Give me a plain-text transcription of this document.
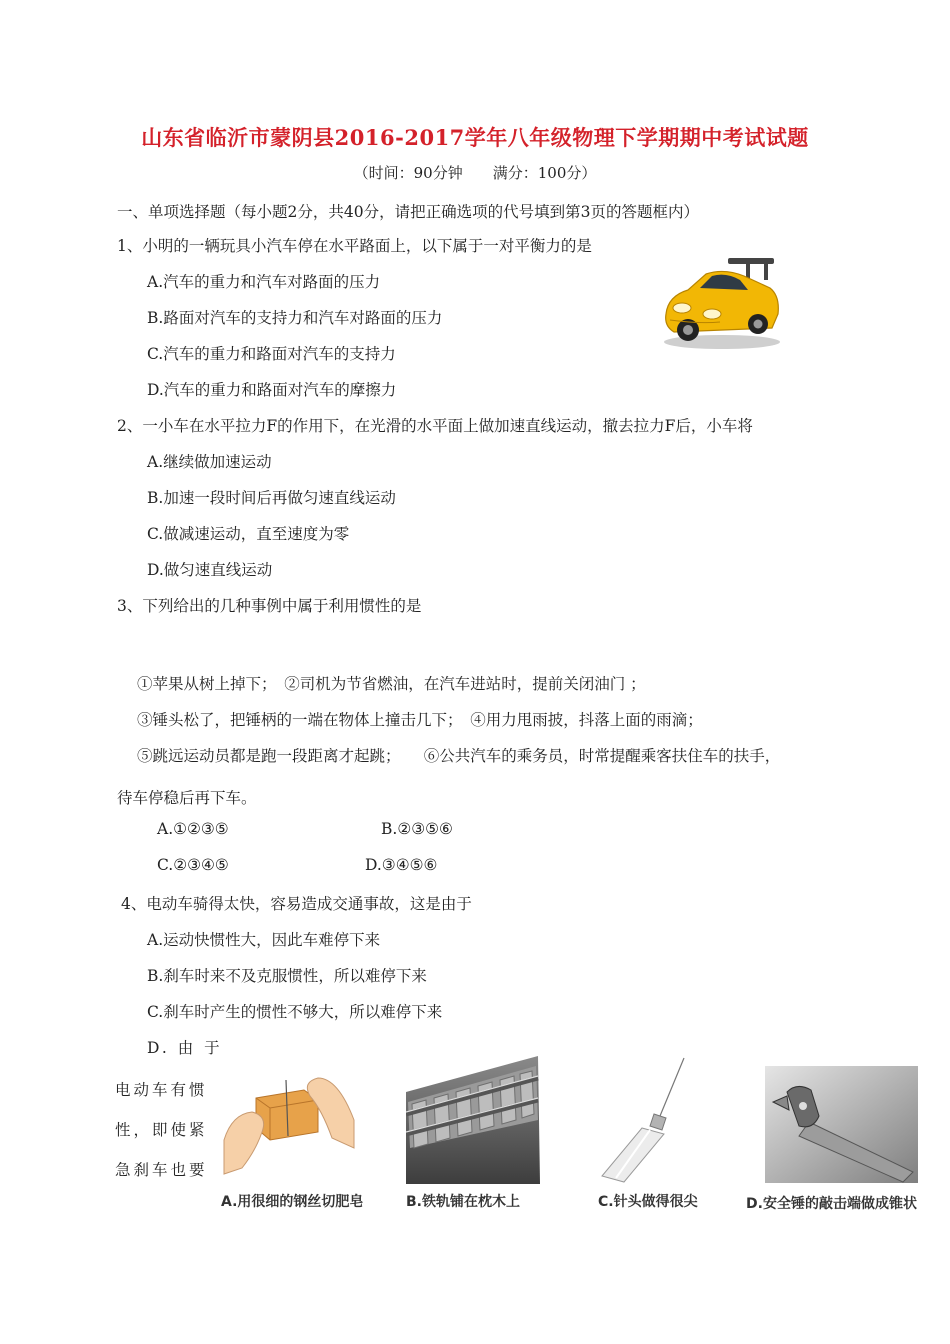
山东省临沂市蒙阴县2016-2017学年八年级物理下学期期中考试试题
（时间：90分钟　　满分：100分）
一、单项选择题（每小题2分，共40分，请把正确选项的代号填到第3页的答题框内）
1、小明的一辆玩具小汽车停在水平路面上，以下属于一对平衡力的是
A.汽车的重力和汽车对路面的压力
B.路面对汽车的支持力和汽车对路面的压力
C.汽车的重力和路面对汽车的支持力
D.汽车的重力和路面对汽车的摩擦力
2、一小车在水平拉力F的作用下，在光滑的水平面上做加速直线运动，撤去拉力F后，小车将
A.继续做加速运动
B.加速一段时间后再做匀速直线运动
C.做减速运动，直至速度为零
D.做匀速直线运动
3、下列给出的几种事例中属于利用惯性的是
①苹果从树上掉下；　②司机为节省燃油，在汽车进站时，提前关闭油门 ；
③锤头松了，把锤柄的一端在物体上撞击几下；　④用力甩雨披，抖落上面的雨滴；
⑤跳远运动员都是跑一段距离才起跳；　　⑥公共汽车的乘务员，时常提醒乘客扶住车的扶手，
待车停稳后再下车。
A.①②③⑤	B.②③⑤⑥
C.②③④⑤	D.③④⑤⑥
4、电动车骑得太快，容易造成交通事故，这是由于
A.运动快惯性大，因此车难停下来
B.刹车时来不及克服惯性，所以难停下来
C.刹车时产生的惯性不够大，所以难停下来
D. 由 于
电动车有惯
性，即使紧
急刹车也要
A.用很细的钢丝切肥皂	B.铁轨铺在枕木上	C.针头做得很尖	D.安全锤的敲击端做成锥状
